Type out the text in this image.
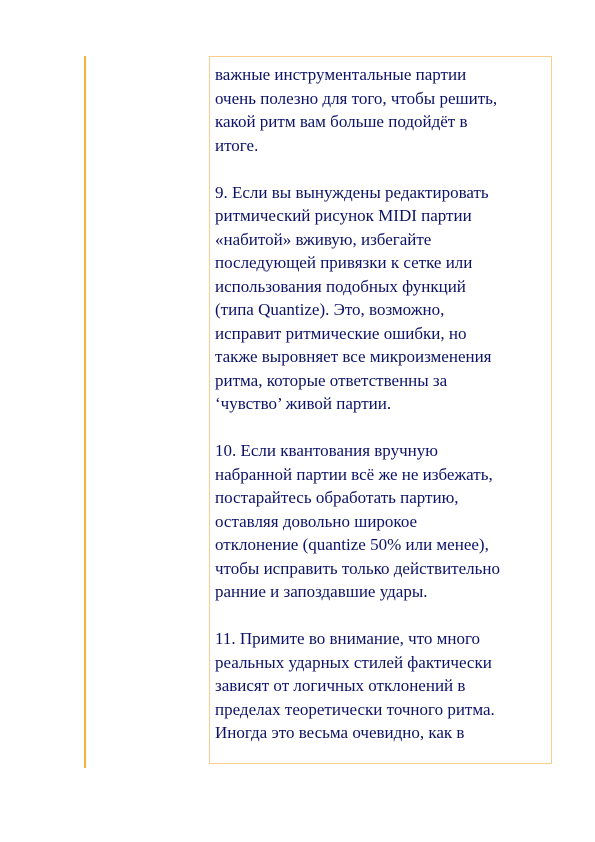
важные инструментальные партии
очень полезно для того, чтобы решить,
какой ритм вам больше подойдёт в
итоге.
9. Если вы вынуждены редактировать
ритмический рисунок MIDI партии
«набитой» вживую, избегайте
последующей привязки к сетке или
использования подобных функций
(типа Quantize). Это, возможно,
исправит ритмические ошибки, но
также выровняет все микроизменения
ритма, которые ответственны за
‘чувство’ живой партии.
10. Если квантования вручную
набранной партии всё же не избежать,
постарайтесь обработать партию,
оставляя довольно широкое
отклонение (quantize 50% или менее),
чтобы исправить только действительно
ранние и запоздавшие удары.
11. Примите во внимание, что много
реальных ударных стилей фактически
зависят от логичных отклонений в
пределах теоретически точного ритма.
Иногда это весьма очевидно, как в
